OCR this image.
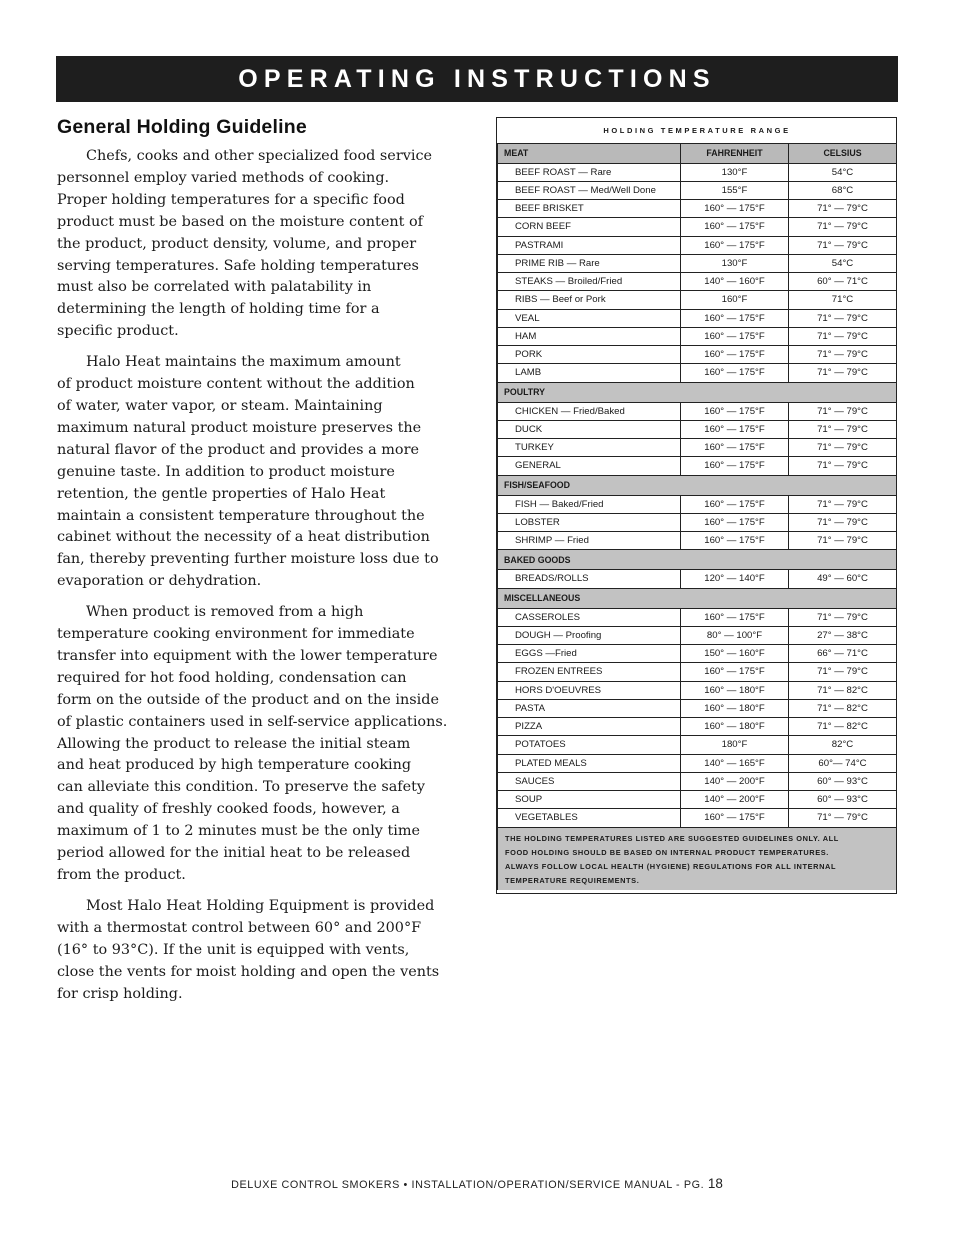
OPERATING INSTRUCTIONS
General Holding Guideline
Chefs, cooks and other specialized food service
personnel employ varied methods of cooking.
Proper holding temperatures for a specific food
product must be based on the moisture content of
the product, product density, volume, and proper
serving temperatures. Safe holding temperatures
must also be correlated with palatability in
determining the length of holding time for a
specific product.
Halo Heat maintains the maximum amount
of product moisture content without the addition
of water, water vapor, or steam. Maintaining
maximum natural product moisture preserves the
natural flavor of the product and provides a more
genuine taste. In addition to product moisture
retention, the gentle properties of Halo Heat
maintain a consistent temperature throughout the
cabinet without the necessity of a heat distribution
fan, thereby preventing further moisture loss due to
evaporation or dehydration.
When product is removed from a high
temperature cooking environment for immediate
transfer into equipment with the lower temperature
required for hot food holding, condensation can
form on the outside of the product and on the inside
of plastic containers used in self-service applications.
Allowing the product to release the initial steam
and heat produced by high temperature cooking
can alleviate this condition. To preserve the safety
and quality of freshly cooked foods, however, a
maximum of 1 to 2 minutes must be the only time
period allowed for the initial heat to be released
from the product.
Most Halo Heat Holding Equipment is provided
with a thermostat control between 60° and 200°F
(16° to 93°C). If the unit is equipped with vents,
close the vents for moist holding and open the vents
for crisp holding.
HOLDING TEMPERATURE RANGE		
MEAT	FAHRENHEIT	CELSIUS
BEEF ROAST — Rare	130°F	54°C
BEEF ROAST — Med/Well Done	155°F	68°C
BEEF BRISKET	160° — 175°F	71° — 79°C
CORN BEEF	160° — 175°F	71° — 79°C
PASTRAMI	160° — 175°F	71° — 79°C
PRIME RIB — Rare	130°F	54°C
STEAKS — Broiled/Fried	140° — 160°F	60° — 71°C
RIBS — Beef or Pork	160°F	71°C
VEAL	160° — 175°F	71° — 79°C
HAM	160° — 175°F	71° — 79°C
PORK	160° — 175°F	71° — 79°C
LAMB	160° — 175°F	71° — 79°C
POULTRY		
CHICKEN — Fried/Baked	160° — 175°F	71° — 79°C
DUCK	160° — 175°F	71° — 79°C
TURKEY	160° — 175°F	71° — 79°C
GENERAL	160° — 175°F	71° — 79°C
FISH/SEAFOOD		
FISH — Baked/Fried	160° — 175°F	71° — 79°C
LOBSTER	160° — 175°F	71° — 79°C
SHRIMP — Fried	160° — 175°F	71° — 79°C
BAKED GOODS		
BREADS/ROLLS	120° — 140°F	49° — 60°C
MISCELLANEOUS		
CASSEROLES	160° — 175°F	71° — 79°C
DOUGH — Proofing	80° — 100°F	27° — 38°C
EGGS —Fried	150° — 160°F	66° — 71°C
FROZEN ENTREES	160° — 175°F	71° — 79°C
HORS D'OEUVRES	160° — 180°F	71° — 82°C
PASTA	160° — 180°F	71° — 82°C
PIZZA	160° — 180°F	71° — 82°C
POTATOES	180°F	82°C
PLATED MEALS	140° — 165°F	60°— 74°C
SAUCES	140° — 200°F	60° — 93°C
SOUP	140° — 200°F	60° — 93°C
VEGETABLES	160° — 175°F	71° — 79°C

THE HOLDING TEMPERATURES LISTED ARE SUGGESTED GUIDELINES ONLY. ALL
FOOD HOLDING SHOULD BE BASED ON INTERNAL PRODUCT TEMPERATURES.
ALWAYS FOLLOW LOCAL HEALTH (HYGIENE) REGULATIONS FOR ALL INTERNAL
TEMPERATURE REQUIREMENTS.		
DELUXE CONTROL SMOKERS • INSTALLATION/OPERATION/SERVICE MANUAL - PG. 18
